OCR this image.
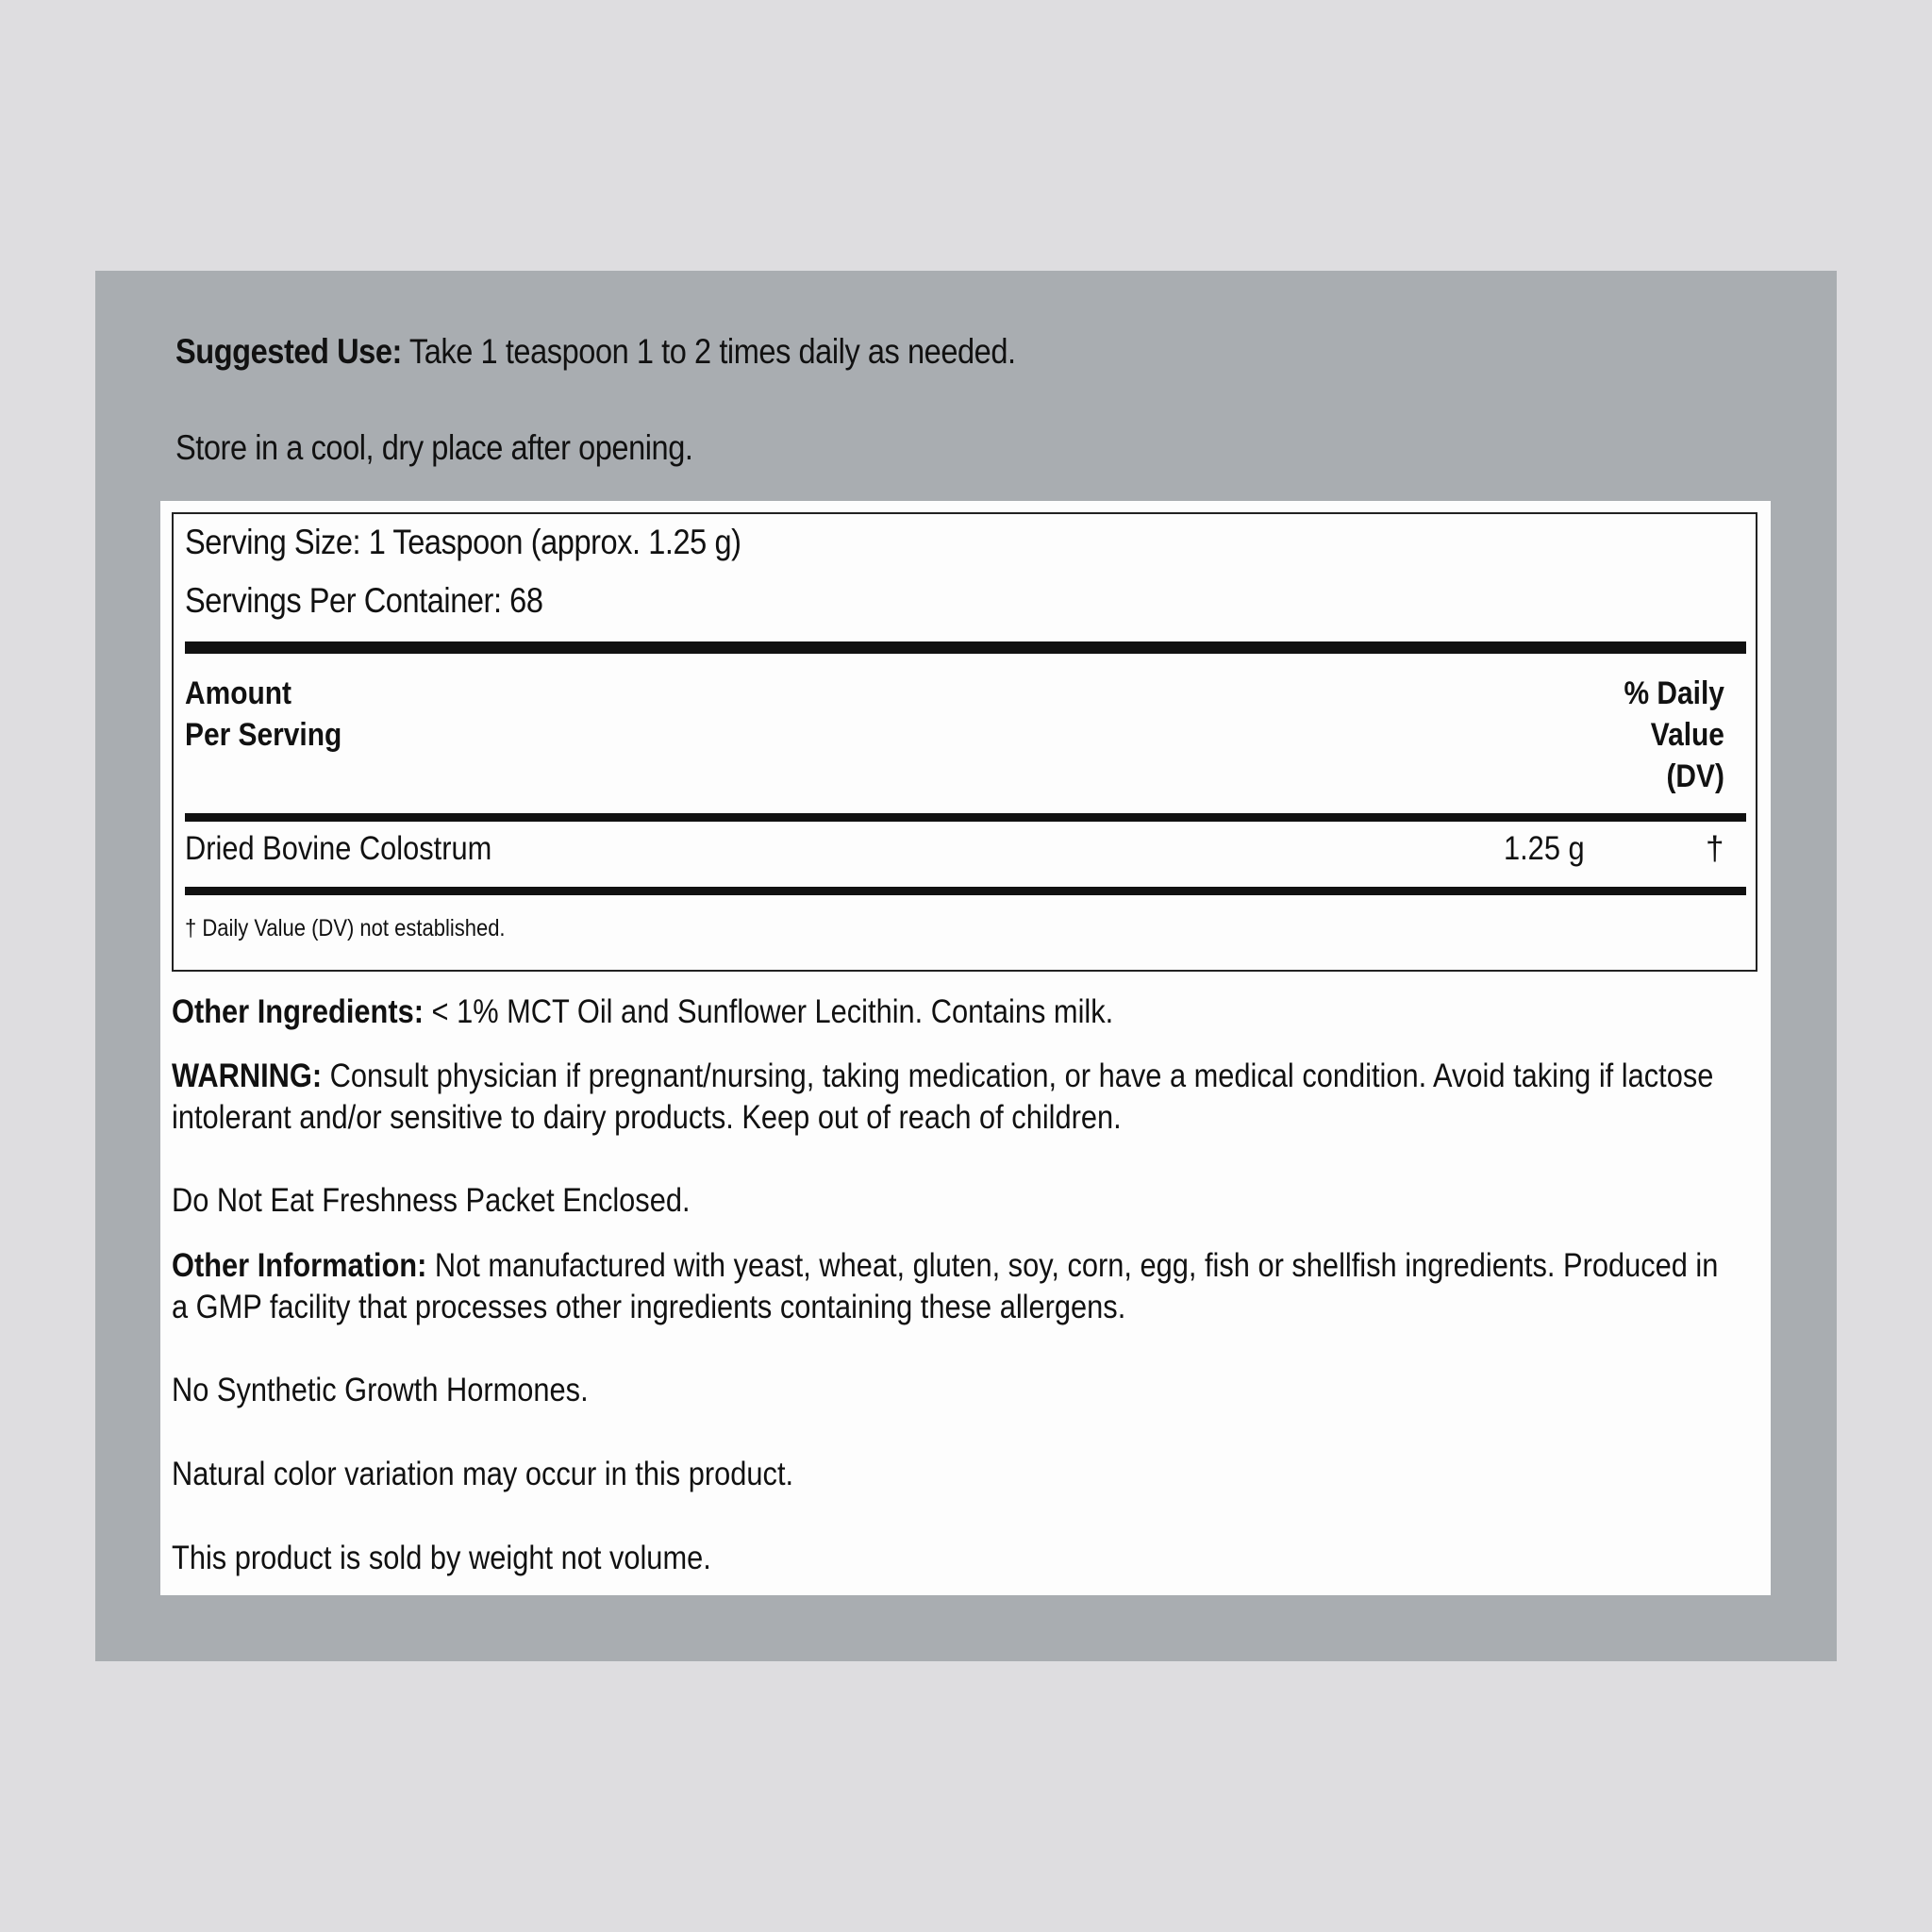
Suggested Use: Take 1 teaspoon 1 to 2 times daily as needed.
Store in a cool, dry place after opening.
Serving Size: 1 Teaspoon (approx. 1.25 g)
Servings Per Container: 68
Amount
Per Serving
% Daily
Value
(DV)
Dried Bovine Colostrum	1.25 g	†
† Daily Value (DV) not established.
Other Ingredients: < 1% MCT Oil and Sunflower Lecithin. Contains milk.
WARNING: Consult physician if pregnant/nursing, taking medication, or have a medical condition. Avoid taking if lactose intolerant and/or sensitive to dairy products. Keep out of reach of children.
Do Not Eat Freshness Packet Enclosed.
Other Information: Not manufactured with yeast, wheat, gluten, soy, corn, egg, fish or shellfish ingredients. Produced in a GMP facility that processes other ingredients containing these allergens.
No Synthetic Growth Hormones.
Natural color variation may occur in this product.
This product is sold by weight not volume.
